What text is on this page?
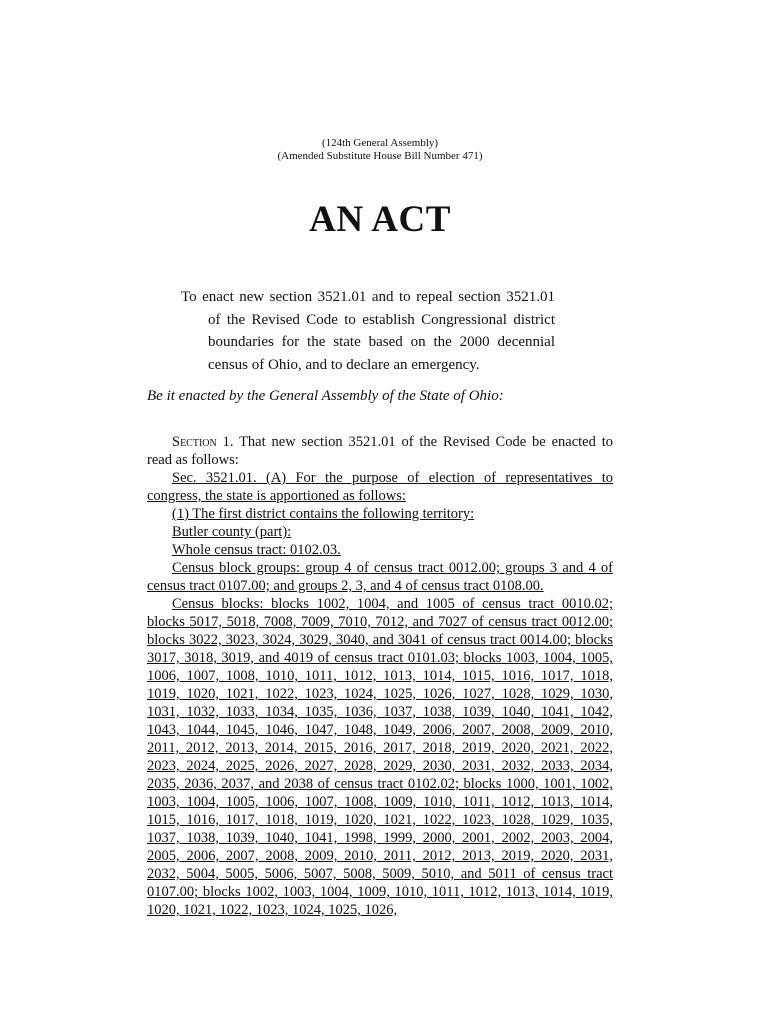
(124th General Assembly)
(Amended Substitute House Bill Number 471)
AN ACT
To enact new section 3521.01 and to repeal section 3521.01 of the Revised Code to establish Congressional district boundaries for the state based on the 2000 decennial census of Ohio, and to declare an emergency.
Be it enacted by the General Assembly of the State of Ohio:

Section 1. That new section 3521.01 of the Revised Code be enacted to read as follows:

Sec. 3521.01. (A) For the purpose of election of representatives to congress, the state is apportioned as follows:

(1) The first district contains the following territory:

Butler county (part):

Whole census tract: 0102.03.

Census block groups: group 4 of census tract 0012.00; groups 3 and 4 of census tract 0107.00; and groups 2, 3, and 4 of census tract 0108.00.

Census blocks: blocks 1002, 1004, and 1005 of census tract 0010.02; blocks 5017, 5018, 7008, 7009, 7010, 7012, and 7027 of census tract 0012.00; blocks 3022, 3023, 3024, 3029, 3040, and 3041 of census tract 0014.00; blocks 3017, 3018, 3019, and 4019 of census tract 0101.03; blocks 1003, 1004, 1005, 1006, 1007, 1008, 1010, 1011, 1012, 1013, 1014, 1015, 1016, 1017, 1018, 1019, 1020, 1021, 1022, 1023, 1024, 1025, 1026, 1027, 1028, 1029, 1030, 1031, 1032, 1033, 1034, 1035, 1036, 1037, 1038, 1039, 1040, 1041, 1042, 1043, 1044, 1045, 1046, 1047, 1048, 1049, 2006, 2007, 2008, 2009, 2010, 2011, 2012, 2013, 2014, 2015, 2016, 2017, 2018, 2019, 2020, 2021, 2022, 2023, 2024, 2025, 2026, 2027, 2028, 2029, 2030, 2031, 2032, 2033, 2034, 2035, 2036, 2037, and 2038 of census tract 0102.02; blocks 1000, 1001, 1002, 1003, 1004, 1005, 1006, 1007, 1008, 1009, 1010, 1011, 1012, 1013, 1014, 1015, 1016, 1017, 1018, 1019, 1020, 1021, 1022, 1023, 1028, 1029, 1035, 1037, 1038, 1039, 1040, 1041, 1998, 1999, 2000, 2001, 2002, 2003, 2004, 2005, 2006, 2007, 2008, 2009, 2010, 2011, 2012, 2013, 2019, 2020, 2031, 2032, 5004, 5005, 5006, 5007, 5008, 5009, 5010, and 5011 of census tract 0107.00; blocks 1002, 1003, 1004, 1009, 1010, 1011, 1012, 1013, 1014, 1019, 1020, 1021, 1022, 1023, 1024, 1025, 1026,
